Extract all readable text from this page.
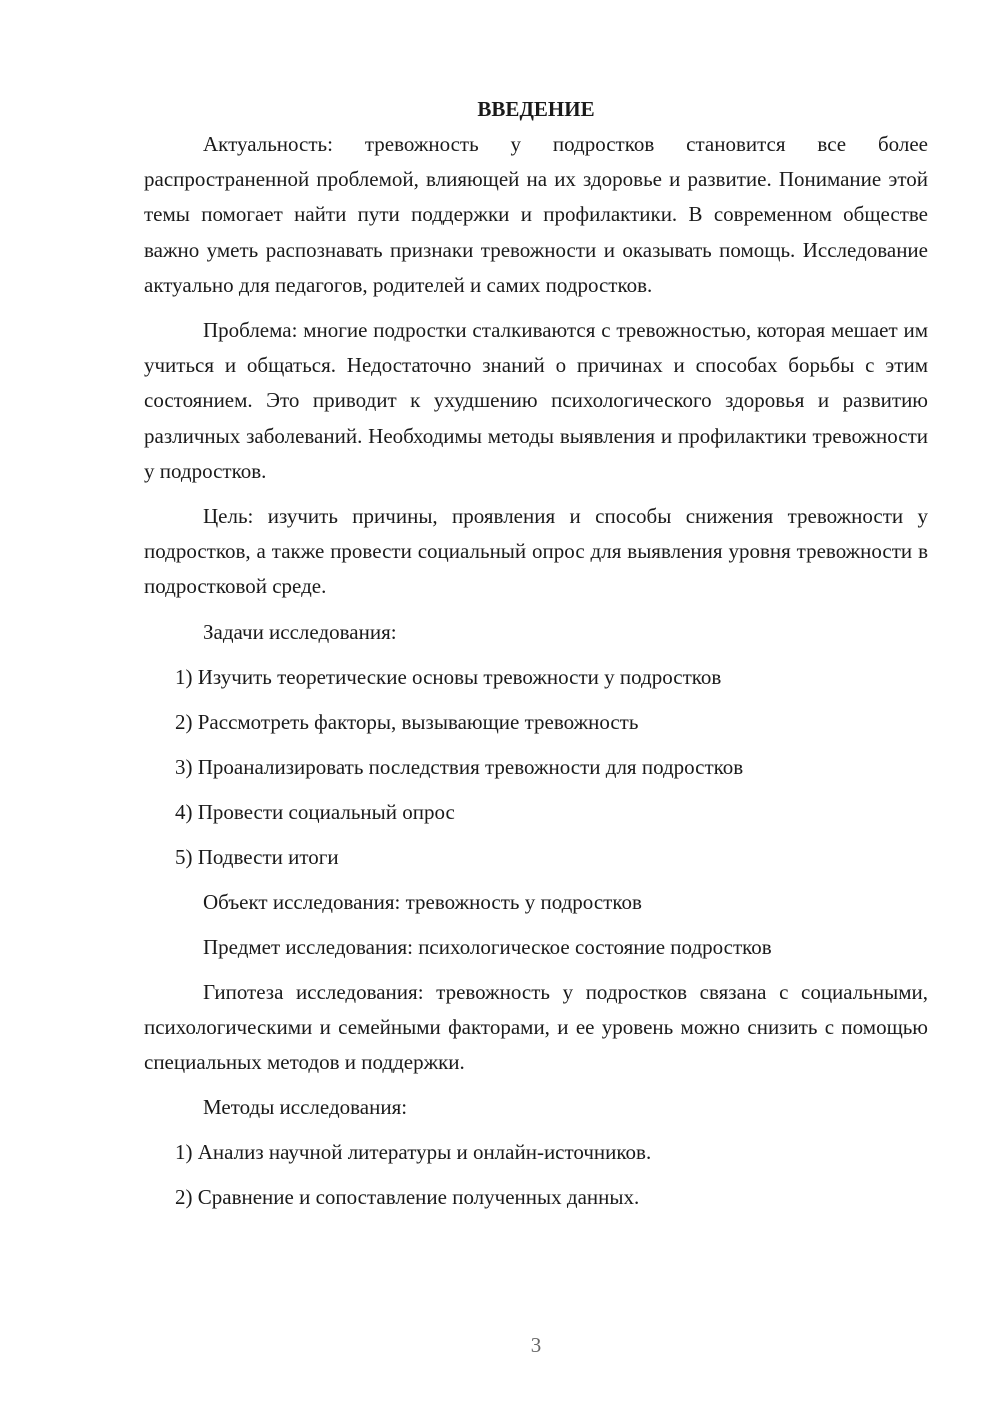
ВВЕДЕНИЕ

Актуальность: тревожность у подростков становится все более распространенной проблемой, влияющей на их здоровье и развитие. Понимание этой темы помогает найти пути поддержки и профилактики. В современном обществе важно уметь распознавать признаки тревожности и оказывать помощь. Исследование актуально для педагогов, родителей и самих подростков.

Проблема: многие подростки сталкиваются с тревожностью, которая мешает им учиться и общаться. Недостаточно знаний о причинах и способах борьбы с этим состоянием. Это приводит к ухудшению психологического здоровья и развитию различных заболеваний. Необходимы методы выявления и профилактики тревожности у подростков.

Цель: изучить причины, проявления и способы снижения тревожности у подростков, а также провести социальный опрос для выявления уровня тревожности в подростковой среде.

Задачи исследования:

1) Изучить теоретические основы тревожности у подростков

2) Рассмотреть факторы, вызывающие тревожность

3) Проанализировать последствия тревожности для подростков

4) Провести социальный опрос

5) Подвести итоги

Объект исследования: тревожность у подростков

Предмет исследования: психологическое состояние подростков

Гипотеза исследования: тревожность у подростков связана с социальными, психологическими и семейными факторами, и ее уровень можно снизить с помощью специальных методов и поддержки.

Методы исследования:

1) Анализ научной литературы и онлайн-источников.

2) Сравнение и сопоставление полученных данных.

3
